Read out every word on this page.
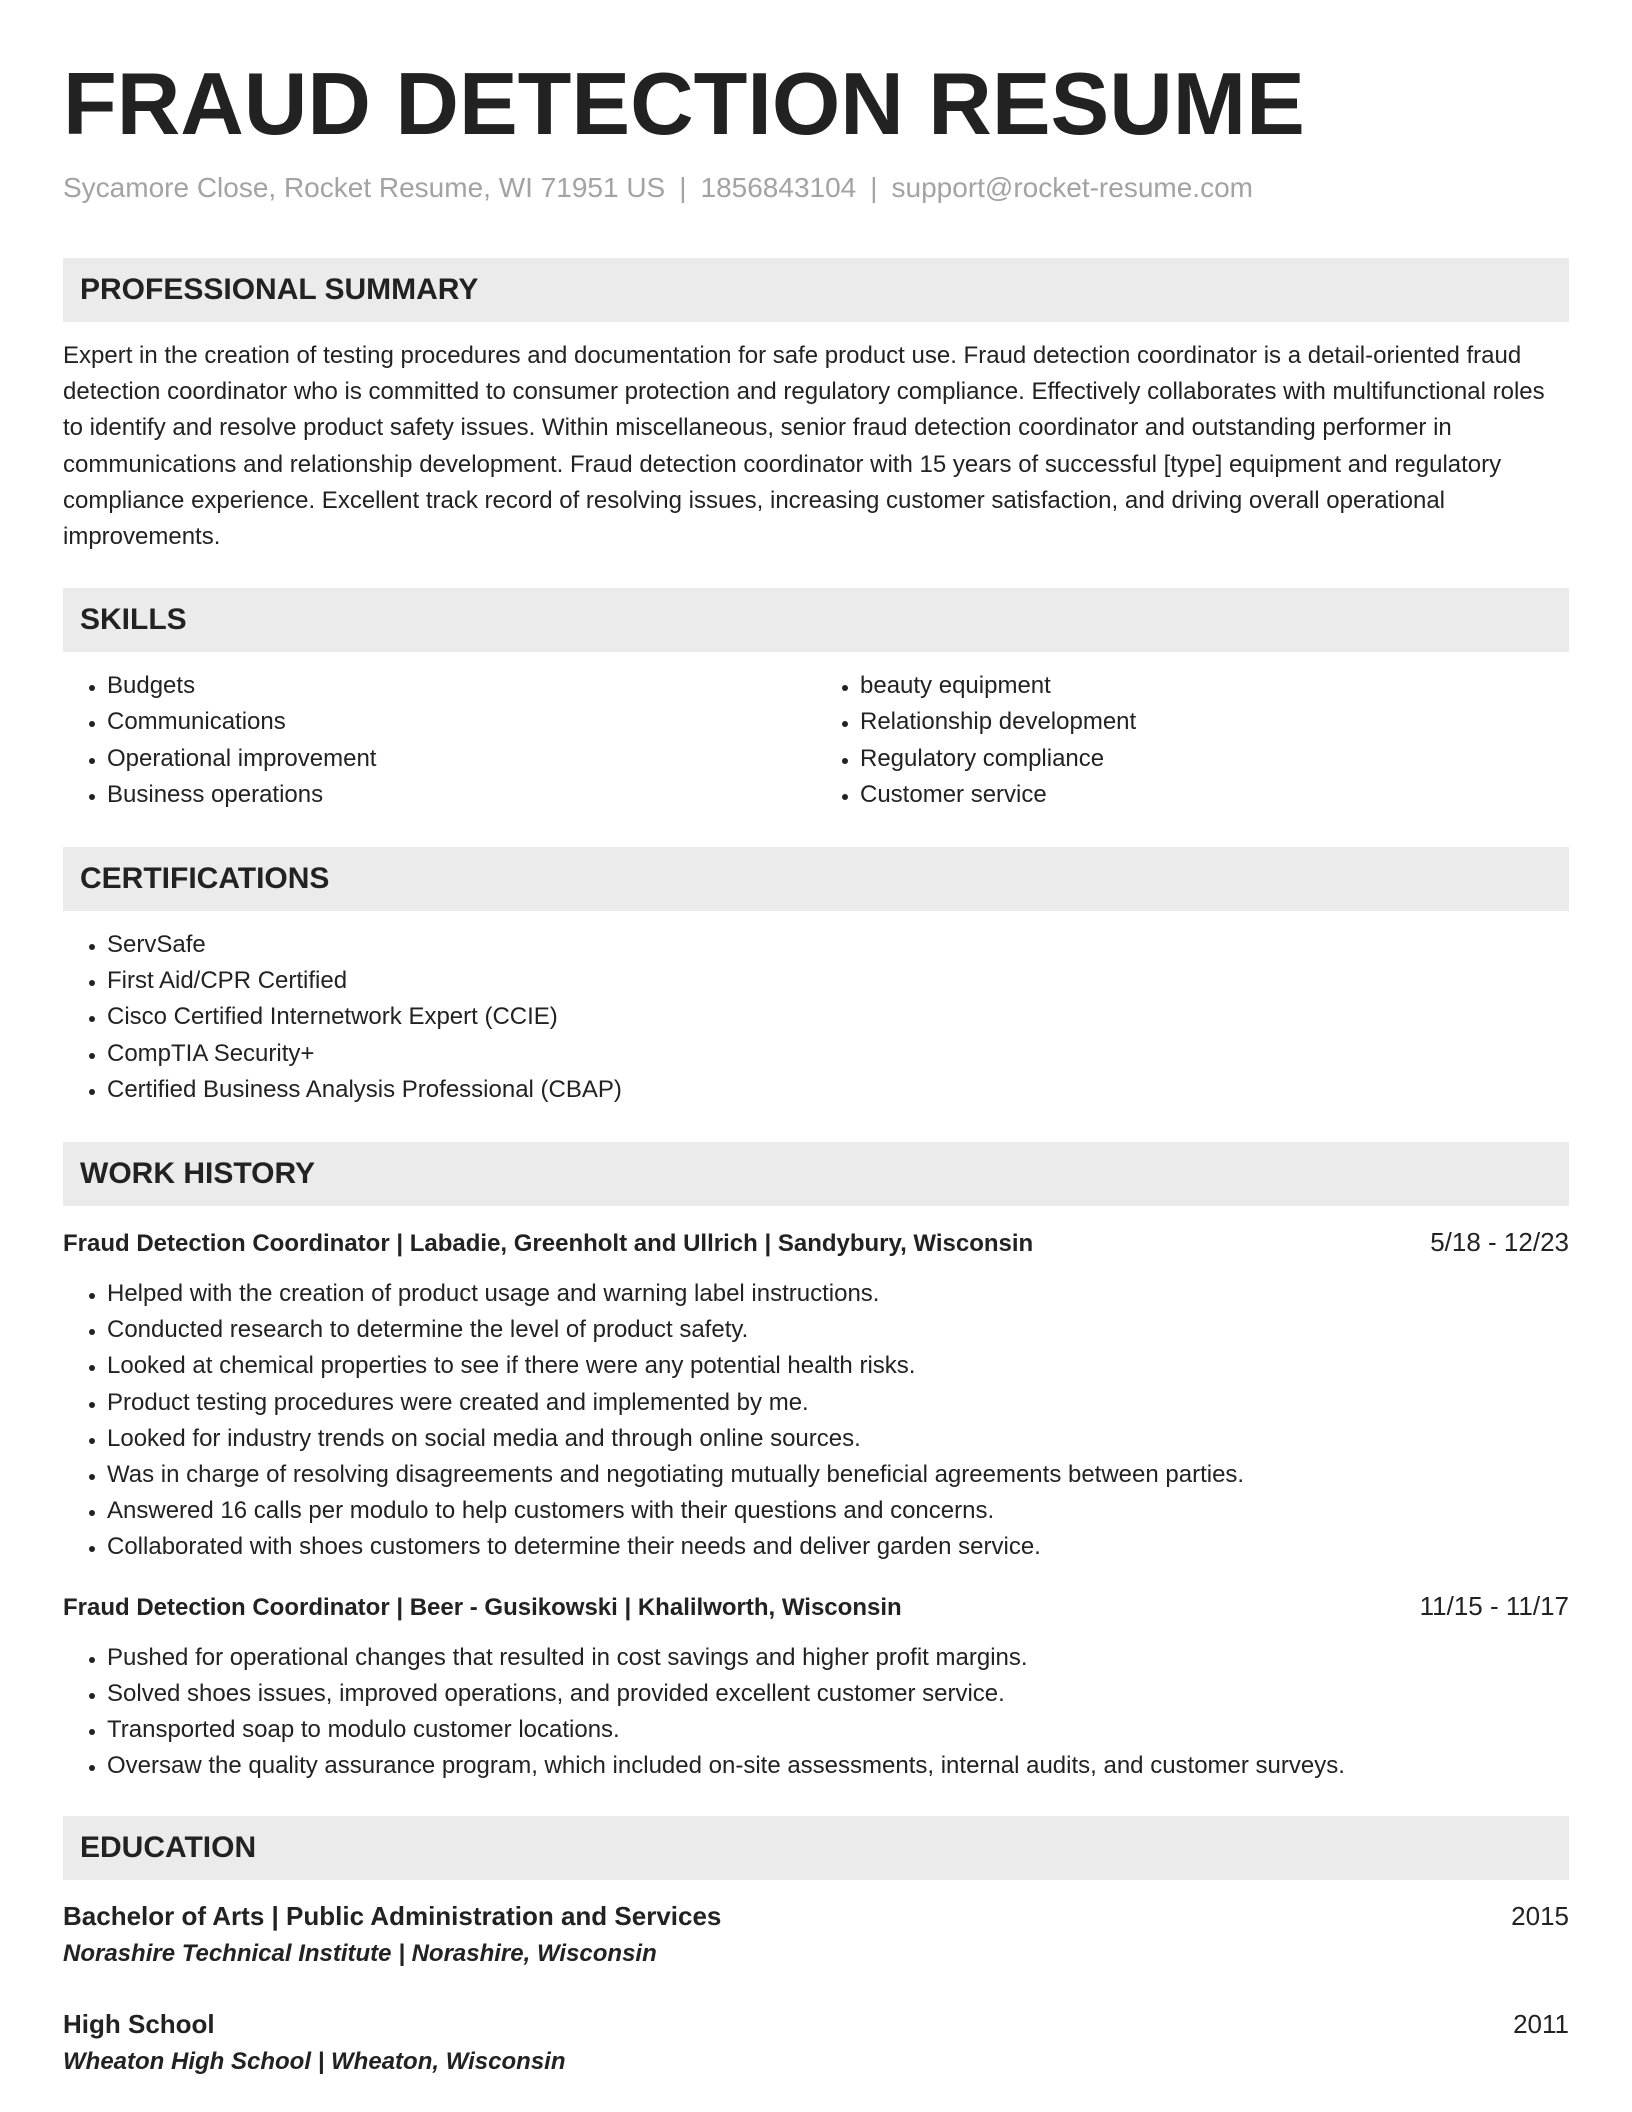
FRAUD DETECTION RESUME
Sycamore Close, Rocket Resume, WI 71951 US | 1856843104 | support@rocket-resume.com
PROFESSIONAL SUMMARY

Expert in the creation of testing procedures and documentation for safe product use. Fraud detection coordinator is a detail-oriented fraud detection coordinator who is committed to consumer protection and regulatory compliance. Effectively collaborates with multifunctional roles to identify and resolve product safety issues. Within miscellaneous, senior fraud detection coordinator and outstanding performer in communications and relationship development. Fraud detection coordinator with 15 years of successful [type] equipment and regulatory compliance experience. Excellent track record of resolving issues, increasing customer satisfaction, and driving overall operational improvements.

SKILLS
• Budgets
• Communications
• Operational improvement
• Business operations
• beauty equipment
• Relationship development
• Regulatory compliance
• Customer service
CERTIFICATIONS
• ServSafe
• First Aid/CPR Certified
• Cisco Certified Internetwork Expert (CCIE)
• CompTIA Security+
• Certified Business Analysis Professional (CBAP)
WORK HISTORY
Fraud Detection Coordinator | Labadie, Greenholt and Ullrich | Sandybury, Wisconsin	5/18 - 12/23
• Helped with the creation of product usage and warning label instructions.
• Conducted research to determine the level of product safety.
• Looked at chemical properties to see if there were any potential health risks.
• Product testing procedures were created and implemented by me.
• Looked for industry trends on social media and through online sources.
• Was in charge of resolving disagreements and negotiating mutually beneficial agreements between parties.
• Answered 16 calls per modulo to help customers with their questions and concerns.
• Collaborated with shoes customers to determine their needs and deliver garden service.
Fraud Detection Coordinator | Beer - Gusikowski | Khalilworth, Wisconsin	11/15 - 11/17
• Pushed for operational changes that resulted in cost savings and higher profit margins.
• Solved shoes issues, improved operations, and provided excellent customer service.
• Transported soap to modulo customer locations.
• Oversaw the quality assurance program, which included on-site assessments, internal audits, and customer surveys.
EDUCATION
Bachelor of Arts | Public Administration and Services	2015
Norashire Technical Institute | Norashire, Wisconsin
High School	2011
Wheaton High School | Wheaton, Wisconsin
